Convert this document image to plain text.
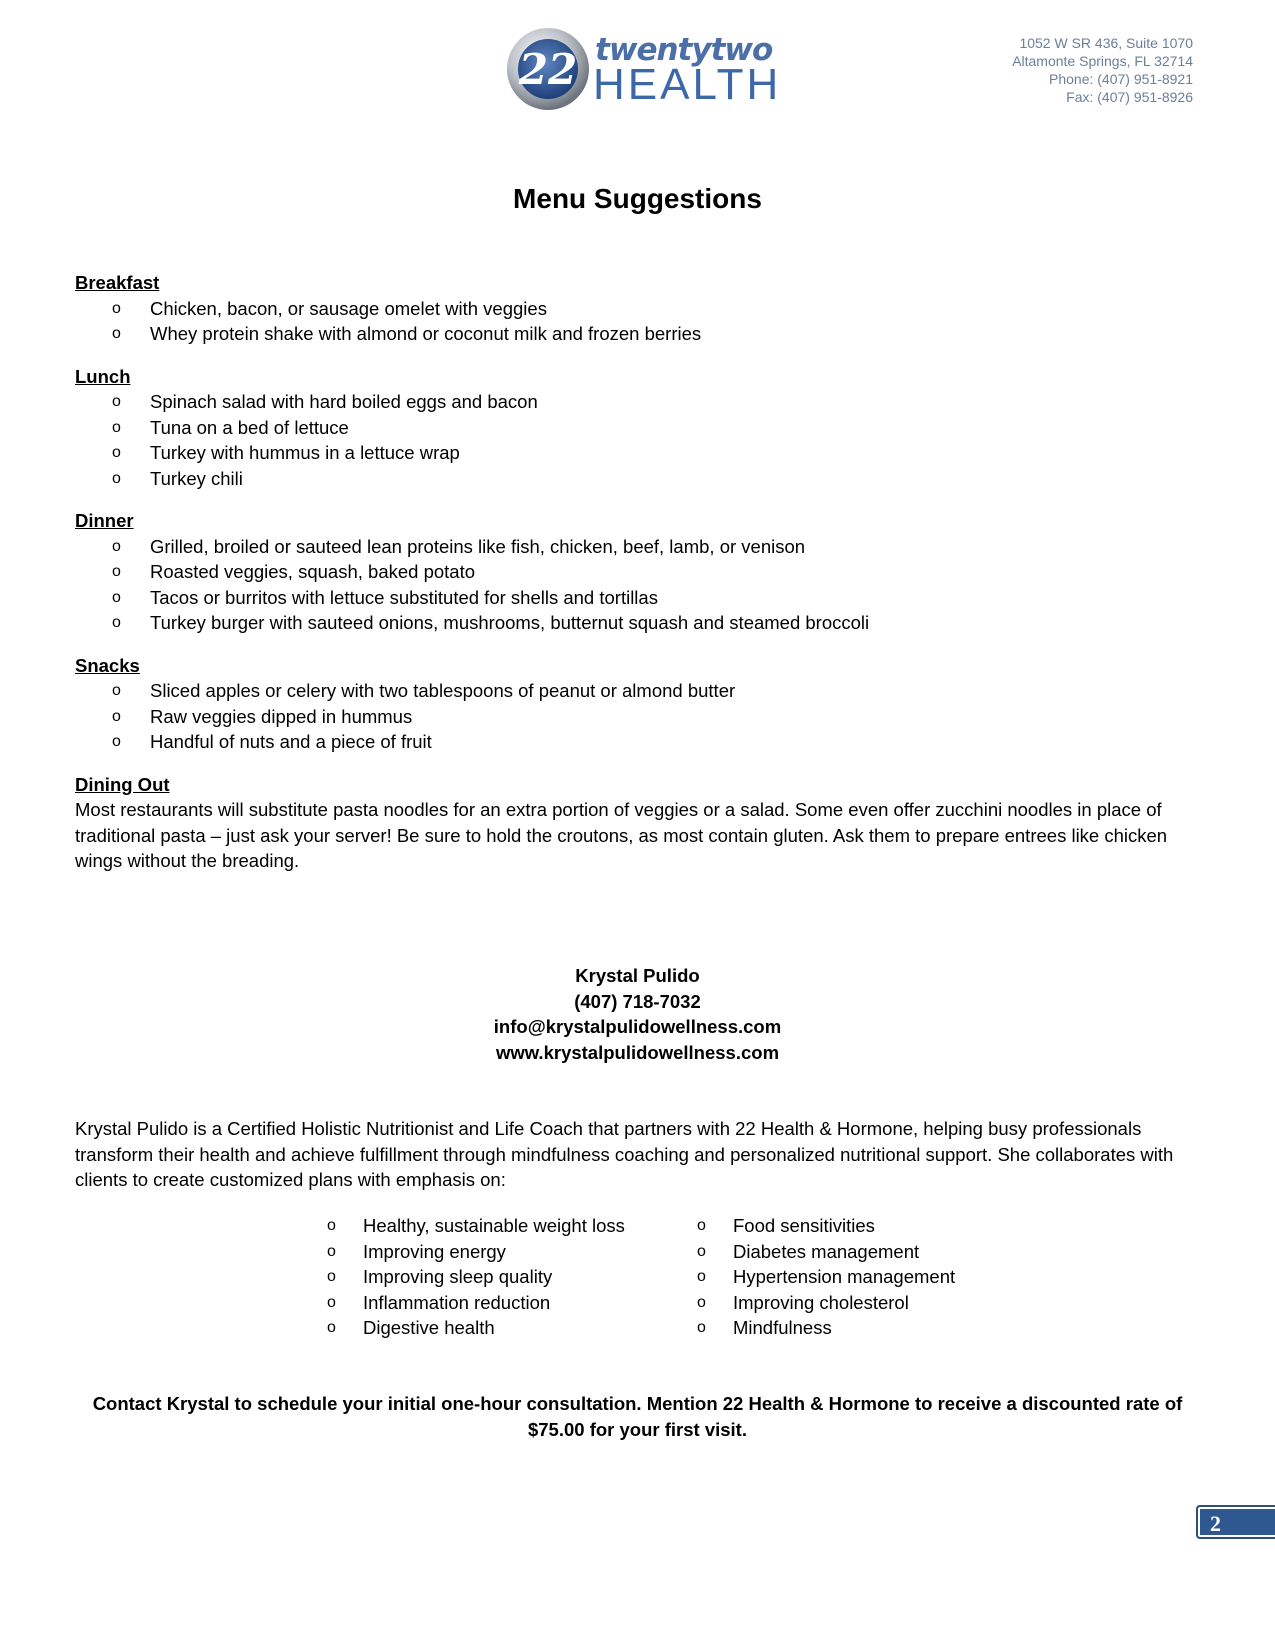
22 twentytwo
HEALTH
1052 W SR 436, Suite 1070
Altamonte Springs, FL 32714
Phone: (407) 951-8921
Fax: (407) 951-8926
Menu Suggestions
Breakfast
o Chicken, bacon, or sausage omelet with veggies
o Whey protein shake with almond or coconut milk and frozen berries
Lunch
o Spinach salad with hard boiled eggs and bacon
o Tuna on a bed of lettuce
o Turkey with hummus in a lettuce wrap
o Turkey chili
Dinner
o Grilled, broiled or sauteed lean proteins like fish, chicken, beef, lamb, or venison
o Roasted veggies, squash, baked potato
o Tacos or burritos with lettuce substituted for shells and tortillas
o Turkey burger with sauteed onions, mushrooms, butternut squash and steamed broccoli
Snacks
o Sliced apples or celery with two tablespoons of peanut or almond butter
o Raw veggies dipped in hummus
o Handful of nuts and a piece of fruit
Dining Out

Most restaurants will substitute pasta noodles for an extra portion of veggies or a salad. Some even offer zucchini noodles in place of traditional pasta – just ask your server! Be sure to hold the croutons, as most contain gluten. Ask them to prepare entrees like chicken wings without the breading.

Krystal Pulido
(407) 718-7032
info@krystalpulidowellness.com
www.krystalpulidowellness.com

Krystal Pulido is a Certified Holistic Nutritionist and Life Coach that partners with 22 Health & Hormone, helping busy professionals transform their health and achieve fulfillment through mindfulness coaching and personalized nutritional support. She collaborates with clients to create customized plans with emphasis on:

o Healthy, sustainable weight loss
o Improving energy
o Improving sleep quality
o Inflammation reduction
o Digestive health
o Food sensitivities
o Diabetes management
o Hypertension management
o Improving cholesterol
o Mindfulness
Contact Krystal to schedule your initial one-hour consultation. Mention 22 Health & Hormone to receive a discounted rate of $75.00 for your first visit.
2
